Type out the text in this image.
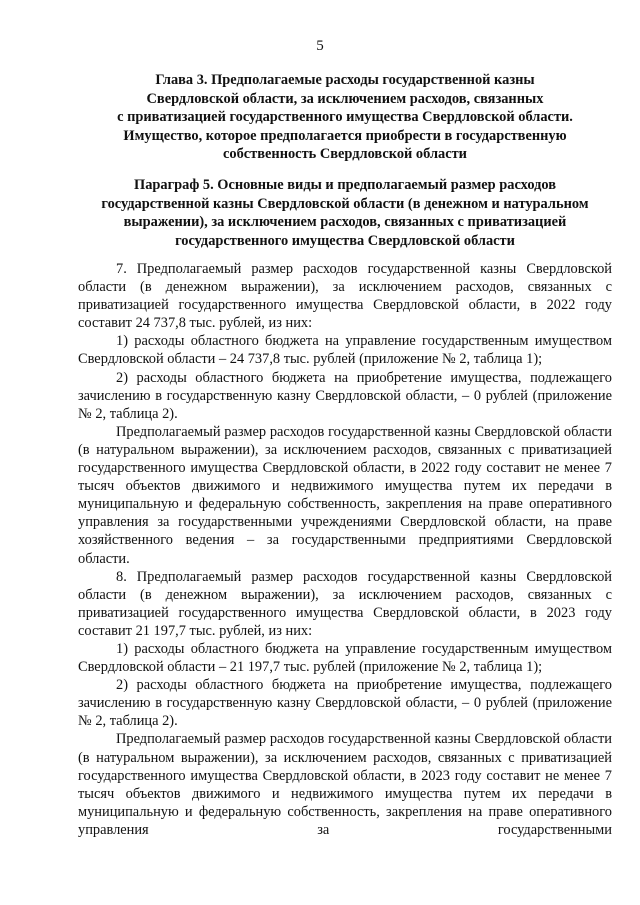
5
Глава 3. Предполагаемые расходы государственной казны
Свердловской области, за исключением расходов, связанных
с приватизацией государственного имущества Свердловской области.
Имущество, которое предполагается приобрести в государственную
собственность Свердловской области
Параграф 5. Основные виды и предполагаемый размер расходов
государственной казны Свердловской области (в денежном и натуральном
выражении), за исключением расходов, связанных с приватизацией
государственного имущества Свердловской области

7. Предполагаемый размер расходов государственной казны Свердловской области (в денежном выражении), за исключением расходов, связанных с приватизацией государственного имущества Свердловской области, в 2022 году составит 24 737,8 тыс. рублей, из них:

1) расходы областного бюджета на управление государственным имуществом Свердловской области – 24 737,8 тыс. рублей (приложение № 2, таблица 1);

2) расходы областного бюджета на приобретение имущества, подлежащего зачислению в государственную казну Свердловской области, – 0 рублей (приложение № 2, таблица 2).

Предполагаемый размер расходов государственной казны Свердловской области (в натуральном выражении), за исключением расходов, связанных с приватизацией государственного имущества Свердловской области, в 2022 году составит не менее 7 тысяч объектов движимого и недвижимого имущества путем их передачи в муниципальную и федеральную собственность, закрепления на праве оперативного управления за государственными учреждениями Свердловской области, на праве хозяйственного ведения – за государственными предприятиями Свердловской области.

8. Предполагаемый размер расходов государственной казны Свердловской области (в денежном выражении), за исключением расходов, связанных с приватизацией государственного имущества Свердловской области, в 2023 году составит 21 197,7 тыс. рублей, из них:

1) расходы областного бюджета на управление государственным имуществом Свердловской области – 21 197,7 тыс. рублей (приложение № 2, таблица 1);

2) расходы областного бюджета на приобретение имущества, подлежащего зачислению в государственную казну Свердловской области, – 0 рублей (приложение № 2, таблица 2).

Предполагаемый размер расходов государственной казны Свердловской области (в натуральном выражении), за исключением расходов, связанных с приватизацией государственного имущества Свердловской области, в 2023 году составит не менее 7 тысяч объектов движимого и недвижимого имущества путем их передачи в муниципальную и федеральную собственность, закрепления на праве оперативного управления за государственными
